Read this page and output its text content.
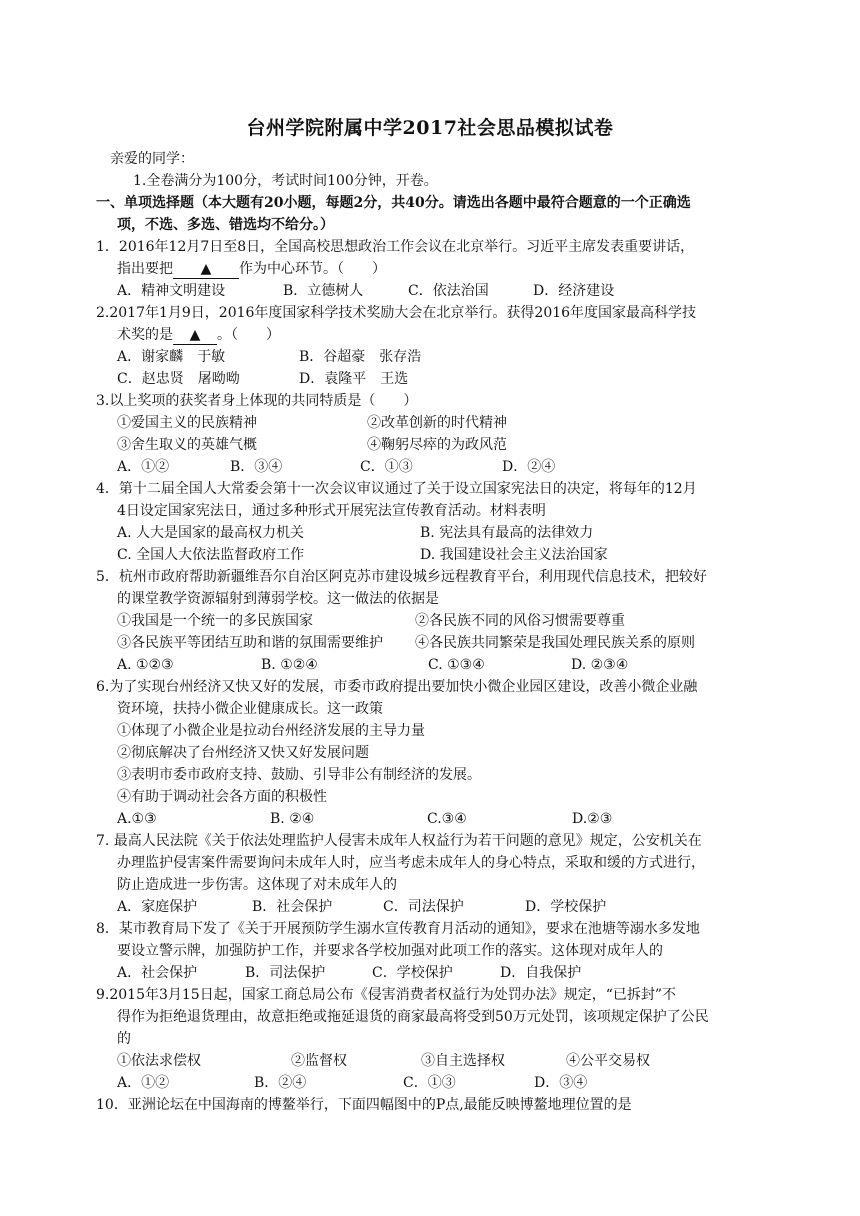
台州学院附属中学2017社会思品模拟试卷
亲爱的同学：
1.全卷满分为100分，考试时间100分钟，开卷。
一、单项选择题（本大题有20小题，每题2分，共40分。请选出各题中最符合题意的一个正确选
项，不选、多选、错选均不给分。）
1．2016年12月7日至8日，全国高校思想政治工作会议在北京举行。习近平主席发表重要讲话，
指出要把 ▲ 作为中心环节。（　　）
A．精神文明建设	B．立德树人	C．依法治国	D．经济建设
2.2017年1月9日，2016年度国家科学技术奖励大会在北京举行。获得2016年度国家最高科学技
术奖的是 ▲ 。（　　）
A．谢家麟　于敏	B．谷超豪　张存浩
C．赵忠贤　屠呦呦	D．袁隆平　王选
3.以上奖项的获奖者身上体现的共同特质是（　　）
①爱国主义的民族精神	②改革创新的时代精神
③舍生取义的英雄气概	④鞠躬尽瘁的为政风范
A．①②	B．③④	C．①③	D．②④
4．第十二届全国人大常委会第十一次会议审议通过了关于设立国家宪法日的决定，将每年的12月
4日设定国家宪法日，通过多种形式开展宪法宣传教育活动。材料表明
A. 人大是国家的最高权力机关	B. 宪法具有最高的法律效力
C. 全国人大依法监督政府工作	D. 我国建设社会主义法治国家
5．杭州市政府帮助新疆维吾尔自治区阿克苏市建设城乡远程教育平台，利用现代信息技术，把较好
的课堂教学资源辐射到薄弱学校。这一做法的依据是
①我国是一个统一的多民族国家	②各民族不同的风俗习惯需要尊重
③各民族平等团结互助和谐的氛围需要维护 ④各民族共同繁荣是我国处理民族关系的原则
A. ①②③	B. ①②④	C. ①③④	D. ②③④
6.为了实现台州经济又快又好的发展，市委市政府提出要加快小微企业园区建设，改善小微企业融
资环境，扶持小微企业健康成长。这一政策
①体现了小微企业是拉动台州经济发展的主导力量
②彻底解决了台州经济又快又好发展问题
③表明市委市政府支持、鼓励、引导非公有制经济的发展。
④有助于调动社会各方面的积极性
A.①③	B. ②④	C.③④	D.②③
7. 最高人民法院《关于依法处理监护人侵害未成年人权益行为若干问题的意见》规定，公安机关在
办理监护侵害案件需要询问未成年人时，应当考虑未成年人的身心特点，采取和缓的方式进行，
防止造成进一步伤害。这体现了对未成年人的
A．家庭保护	B．社会保护	C．司法保护	D．学校保护
8．某市教育局下发了《关于开展预防学生溺水宣传教育月活动的通知》，要求在池塘等溺水多发地
要设立警示牌，加强防护工作，并要求各学校加强对此项工作的落实。这体现对成年人的
A．社会保护	B．司法保护	C．学校保护	D．自我保护
9.2015年3月15日起，国家工商总局公布《侵害消费者权益行为处罚办法》规定，“已拆封”不
得作为拒绝退货理由，故意拒绝或拖延退货的商家最高将受到50万元处罚，该项规定保护了公民
的
①依法求偿权	②监督权	③自主选择权	④公平交易权
A．①②	B．②④	C．①③	D．③④
10．亚洲论坛在中国海南的博鳌举行，下面四幅图中的P点,最能反映博鳌地理位置的是
